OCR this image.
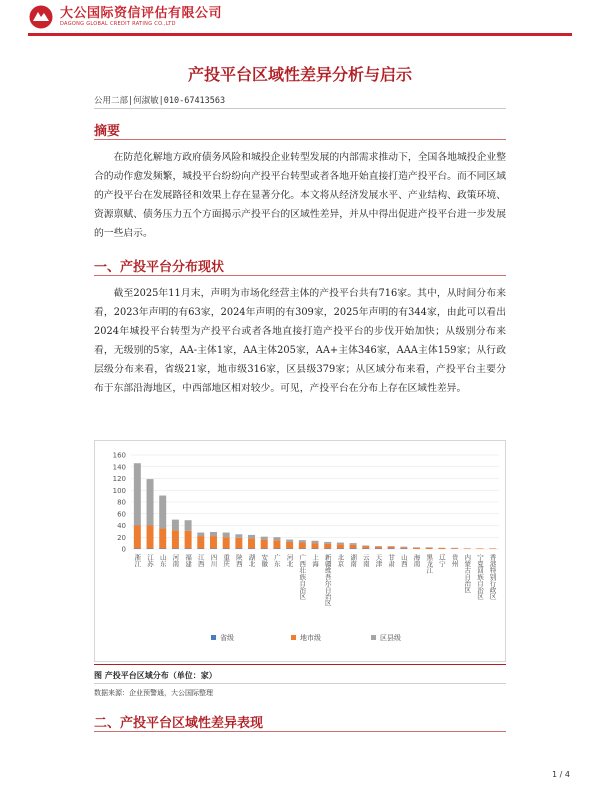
大公国际资信评估有限公司
DAGONG GLOBAL CREDIT RATING CO.,LTD
产投平台区域性差异分析与启示
公用二部|何淑敏|010-67413563
摘要
在防范化解地方政府债务风险和城投企业转型发展的内部需求推动下，全国各地城投企业整合的动作愈发频繁，城投平台纷纷向产投平台转型或者各地开始直接打造产投平台。而不同区域的产投平台在发展路径和效果上存在显著分化。本文将从经济发展水平、产业结构、政策环境、资源禀赋、债务压力五个方面揭示产投平台的区域性差异，并从中得出促进产投平台进一步发展的一些启示。
一、产投平台分布现状
截至2025年11月末，声明为市场化经营主体的产投平台共有716家。其中，从时间分布来看，2023年声明的有63家，2024年声明的有309家，2025年声明的有344家，由此可以看出2024年城投平台转型为产投平台或者各地直接打造产投平台的步伐开始加快；从级别分布来看，无级别的5家，AA-主体1家，AA主体205家，AA+主体346家，AAA主体159家；从行政层级分布来看，省级21家，地市级316家，区县级379家；从区域分布来看，产投平台主要分布于东部沿海地区，中西部地区相对较少。可见，产投平台在分布上存在区域性差异。
0
20
40
60
80
100
120
140
160
浙江 江苏 山东 河南 福建 江西 四川 重庆 陕西 湖北 安徽 广东 河北 广西壮族自治区 上海 新疆维吾尔自治区 北京 湖南 云南 天津 甘肃 山西 海南 黑龙江 辽宁 贵州 内蒙古自治区 宁夏回族自治区 香港特别行政区
省级	地市级	区县级
图 产投平台区域分布（单位：家）
数据来源：企业预警通，大公国际整理
二、产投平台区域性差异表现
1 / 4
